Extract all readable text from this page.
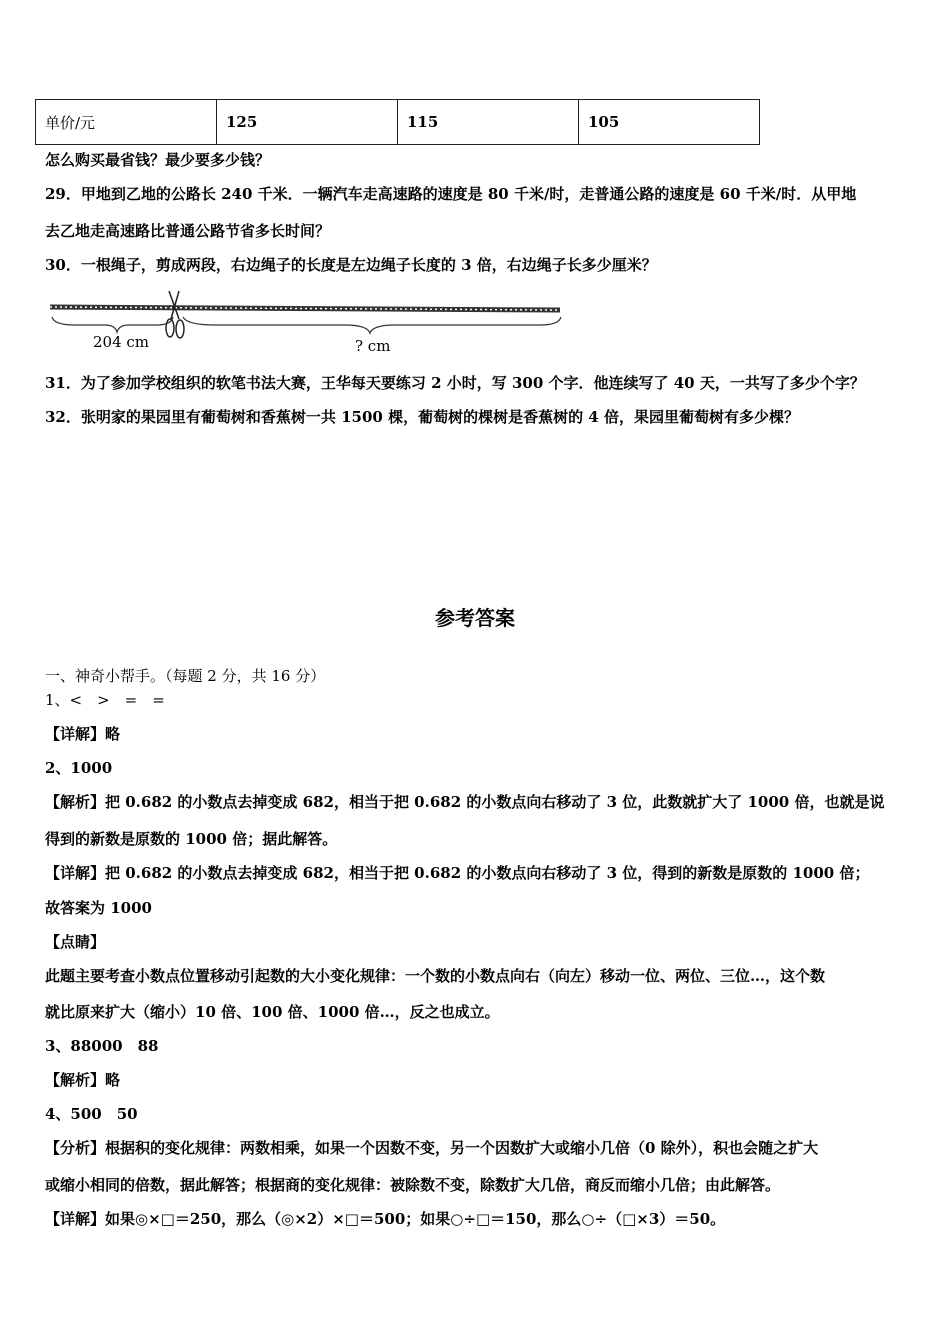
单价/元	125	115	105
怎么购买最省钱？最少要多少钱？
29．甲地到乙地的公路长 240 千米．一辆汽车走高速路的速度是 80 千米/时，走普通公路的速度是 60 千米/时．从甲地
去乙地走高速路比普通公路节省多长时间？
30．一根绳子，剪成两段，右边绳子的长度是左边绳子长度的 3 倍，右边绳子长多少厘米？
204 cm	? cm
31．为了参加学校组织的软笔书法大赛，王华每天要练习 2 小时，写 300 个字．他连续写了 40 天，一共写了多少个字？
32．张明家的果园里有葡萄树和香蕉树一共 1500 棵，葡萄树的棵树是香蕉树的 4 倍，果园里葡萄树有多少棵？
参考答案
一、神奇小帮手。（每题 2 分，共 16 分）
1、<　>　=　=
【详解】略
2、1000
【解析】把 0.682 的小数点去掉变成 682，相当于把 0.682 的小数点向右移动了 3 位，此数就扩大了 1000 倍，也就是说
得到的新数是原数的 1000 倍；据此解答。
【详解】把 0.682 的小数点去掉变成 682，相当于把 0.682 的小数点向右移动了 3 位，得到的新数是原数的 1000 倍；
故答案为 1000
【点睛】
此题主要考查小数点位置移动引起数的大小变化规律：一个数的小数点向右（向左）移动一位、两位、三位…，这个数
就比原来扩大（缩小）10 倍、100 倍、1000 倍…，反之也成立。
3、88000　88
【解析】略
4、500　50
【分析】根据积的变化规律：两数相乘，如果一个因数不变，另一个因数扩大或缩小几倍（0 除外），积也会随之扩大
或缩小相同的倍数，据此解答；根据商的变化规律：被除数不变，除数扩大几倍，商反而缩小几倍；由此解答。
【详解】如果◎×□＝250，那么（◎×2）×□＝500；如果○÷□＝150，那么○÷（□×3）＝50。
